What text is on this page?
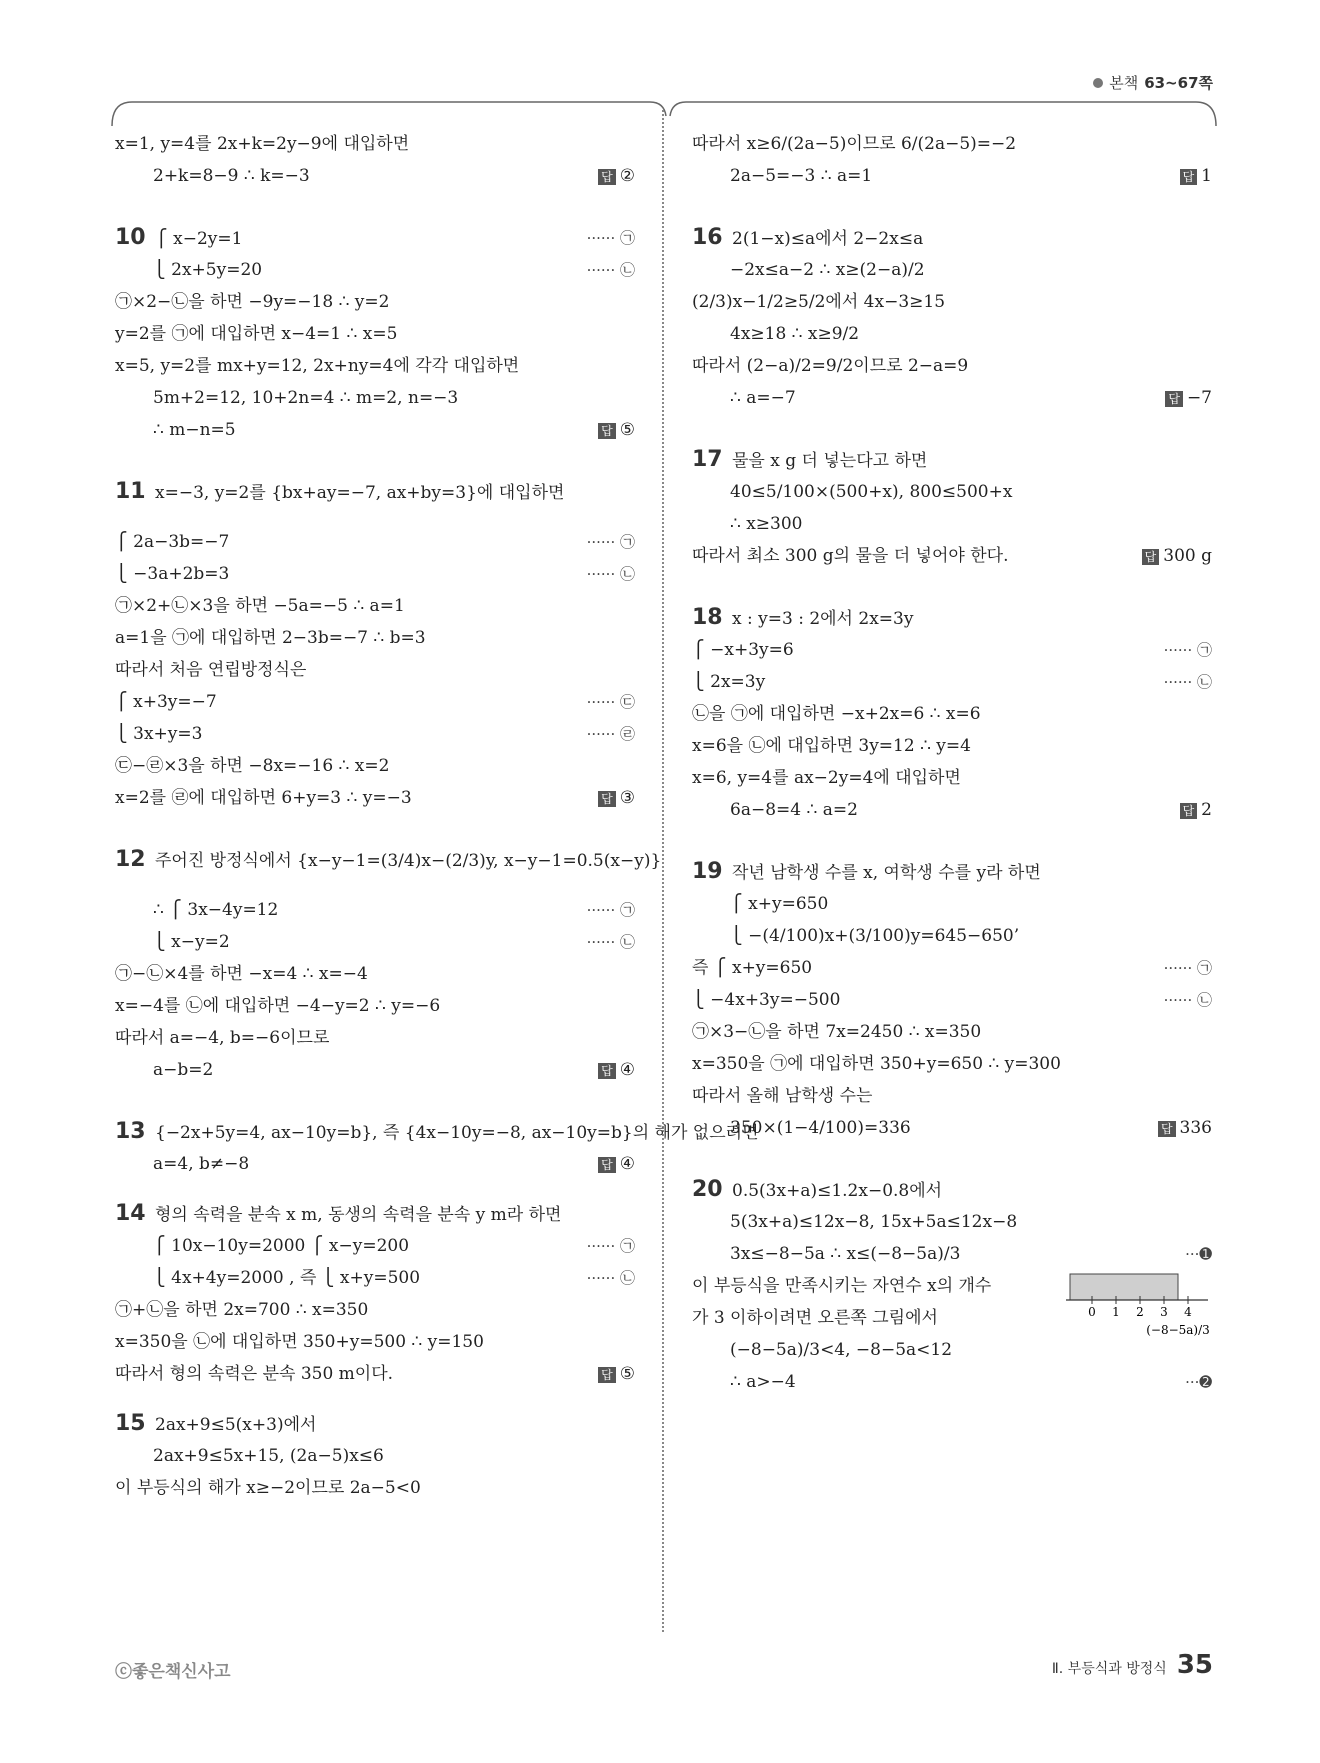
본책 63~67쪽
x=1, y=4를 2x+k=2y−9에 대입하면
2+k=8−9 ∴ k=−3	답 ②
10 ⎧ x−2y=1	······ ㉠
⎩ 2x+5y=20	······ ㉡
㉠×2−㉡을 하면 −9y=−18 ∴ y=2
y=2를 ㉠에 대입하면 x−4=1 ∴ x=5
x=5, y=2를 mx+y=12, 2x+ny=4에 각각 대입하면
5m+2=12, 10+2n=4 ∴ m=2, n=−3
∴ m−n=5	답 ⑤
11 x=−3, y=2를 {bx+ay=−7, ax+by=3}에 대입하면
⎧ 2a−3b=−7	······ ㉠
⎩ −3a+2b=3	······ ㉡
㉠×2+㉡×3을 하면 −5a=−5 ∴ a=1
a=1을 ㉠에 대입하면 2−3b=−7 ∴ b=3
따라서 처음 연립방정식은
⎧ x+3y=−7	······ ㉢
⎩ 3x+y=3	······ ㉣
㉢−㉣×3을 하면 −8x=−16 ∴ x=2
x=2를 ㉣에 대입하면 6+y=3 ∴ y=−3	답 ③
12 주어진 방정식에서 {x−y−1=(3/4)x−(2/3)y, x−y−1=0.5(x−y)}
∴ ⎧ 3x−4y=12	······ ㉠
⎩ x−y=2	······ ㉡
㉠−㉡×4를 하면 −x=4 ∴ x=−4
x=−4를 ㉡에 대입하면 −4−y=2 ∴ y=−6
따라서 a=−4, b=−6이므로
a−b=2	답 ④
13 {−2x+5y=4, ax−10y=b}, 즉 {4x−10y=−8, ax−10y=b}의 해가 없으려면
a=4, b≠−8	답 ④
14 형의 속력을 분속 x m, 동생의 속력을 분속 y m라 하면
⎧ 10x−10y=2000 ⎧ x−y=200	······ ㉠
⎩ 4x+4y=2000 , 즉 ⎩ x+y=500	······ ㉡
㉠+㉡을 하면 2x=700 ∴ x=350
x=350을 ㉡에 대입하면 350+y=500 ∴ y=150
따라서 형의 속력은 분속 350 m이다.	답 ⑤
15 2ax+9≤5(x+3)에서
2ax+9≤5x+15, (2a−5)x≤6
이 부등식의 해가 x≥−2이므로 2a−5<0
따라서 x≥6/(2a−5)이므로 6/(2a−5)=−2
2a−5=−3 ∴ a=1	답 1
16 2(1−x)≤a에서 2−2x≤a
−2x≤a−2 ∴ x≥(2−a)/2
(2/3)x−1/2≥5/2에서 4x−3≥15
4x≥18 ∴ x≥9/2
따라서 (2−a)/2=9/2이므로 2−a=9
∴ a=−7	답 −7
17 물을 x g 더 넣는다고 하면
40≤5/100×(500+x), 800≤500+x
∴ x≥300
따라서 최소 300 g의 물을 더 넣어야 한다.	답 300 g
18 x : y=3 : 2에서 2x=3y
⎧ −x+3y=6	······ ㉠
⎩ 2x=3y	······ ㉡
㉡을 ㉠에 대입하면 −x+2x=6 ∴ x=6
x=6을 ㉡에 대입하면 3y=12 ∴ y=4
x=6, y=4를 ax−2y=4에 대입하면
6a−8=4 ∴ a=2	답 2
19 작년 남학생 수를 x, 여학생 수를 y라 하면
⎧ x+y=650
⎩ −(4/100)x+(3/100)y=645−650’
즉 ⎧ x+y=650	······ ㉠
⎩ −4x+3y=−500	······ ㉡
㉠×3−㉡을 하면 7x=2450 ∴ x=350
x=350을 ㉠에 대입하면 350+y=650 ∴ y=300
따라서 올해 남학생 수는
350×(1−4/100)=336	답 336
20 0.5(3x+a)≤1.2x−0.8에서
5(3x+a)≤12x−8, 15x+5a≤12x−8
3x≤−8−5a ∴ x≤(−8−5a)/3	···➊
이 부등식을 만족시키는 자연수 x의 개수
0 1 2 3 4
(−8−5a)/3
가 3 이하이려면 오른쪽 그림에서
(−8−5a)/3<4, −8−5a<12
∴ a>−4	···➋
ⓒ좋은책신사고	Ⅱ. 부등식과 방정식 35
